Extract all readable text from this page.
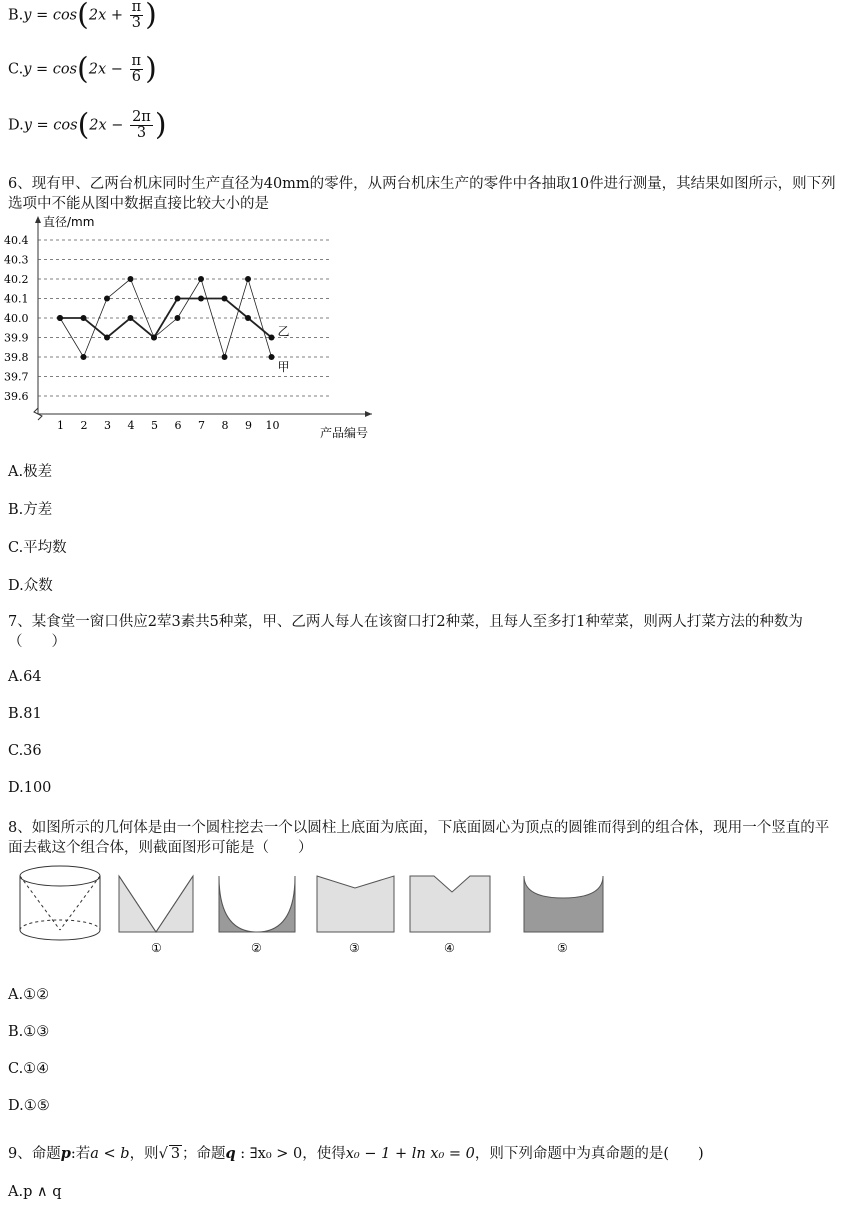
$B.y = \cos(2x + \frac{\pi}{3}$ )
$C.y = \cos(2x - \frac{\pi}{6}$ )
$D.y = \cos(2x - \frac{2\pi}{3}$ )
6、现有甲、乙两台机床同时生产直径为40mm的零件，从两台机床生产的零件中各抽取10件进行测量，其结果如图所示，则下列选项中不能从图中数据直接比较大小的是
直径/mm
产品编号
40.4
40.3
40.2
40.1
40.0
39.9
39.8
39.7
39.6
1 2 3 4 5 6 7 8 9 10
甲
乙
A.极差
B.方差
C.平均数
D.众数
7、某食堂一窗口供应2荤3素共5种菜，甲、乙两人每人在该窗口打2种菜，且每人至多打1种荤菜，则两人打菜方法的种数为（　　）
A.64
B.81
C.36
D.100
8、如图所示的几何体是由一个圆柱挖去一个以圆柱上底面为底面，下底面圆心为顶点的圆锥而得到的组合体，现用一个竖直的平面去截这个组合体，则截面图形可能是（　　）
①	②	③	④	⑤
A.①②
B.①③
C.①④
D.①⑤
9、命题p:若a < b，则√ 3 ；命题q : ∃x₀ > 0，使得x₀ − 1 + ln x₀ = 0，则下列命题中为真命题的是(　　)
A.p ∧ q
